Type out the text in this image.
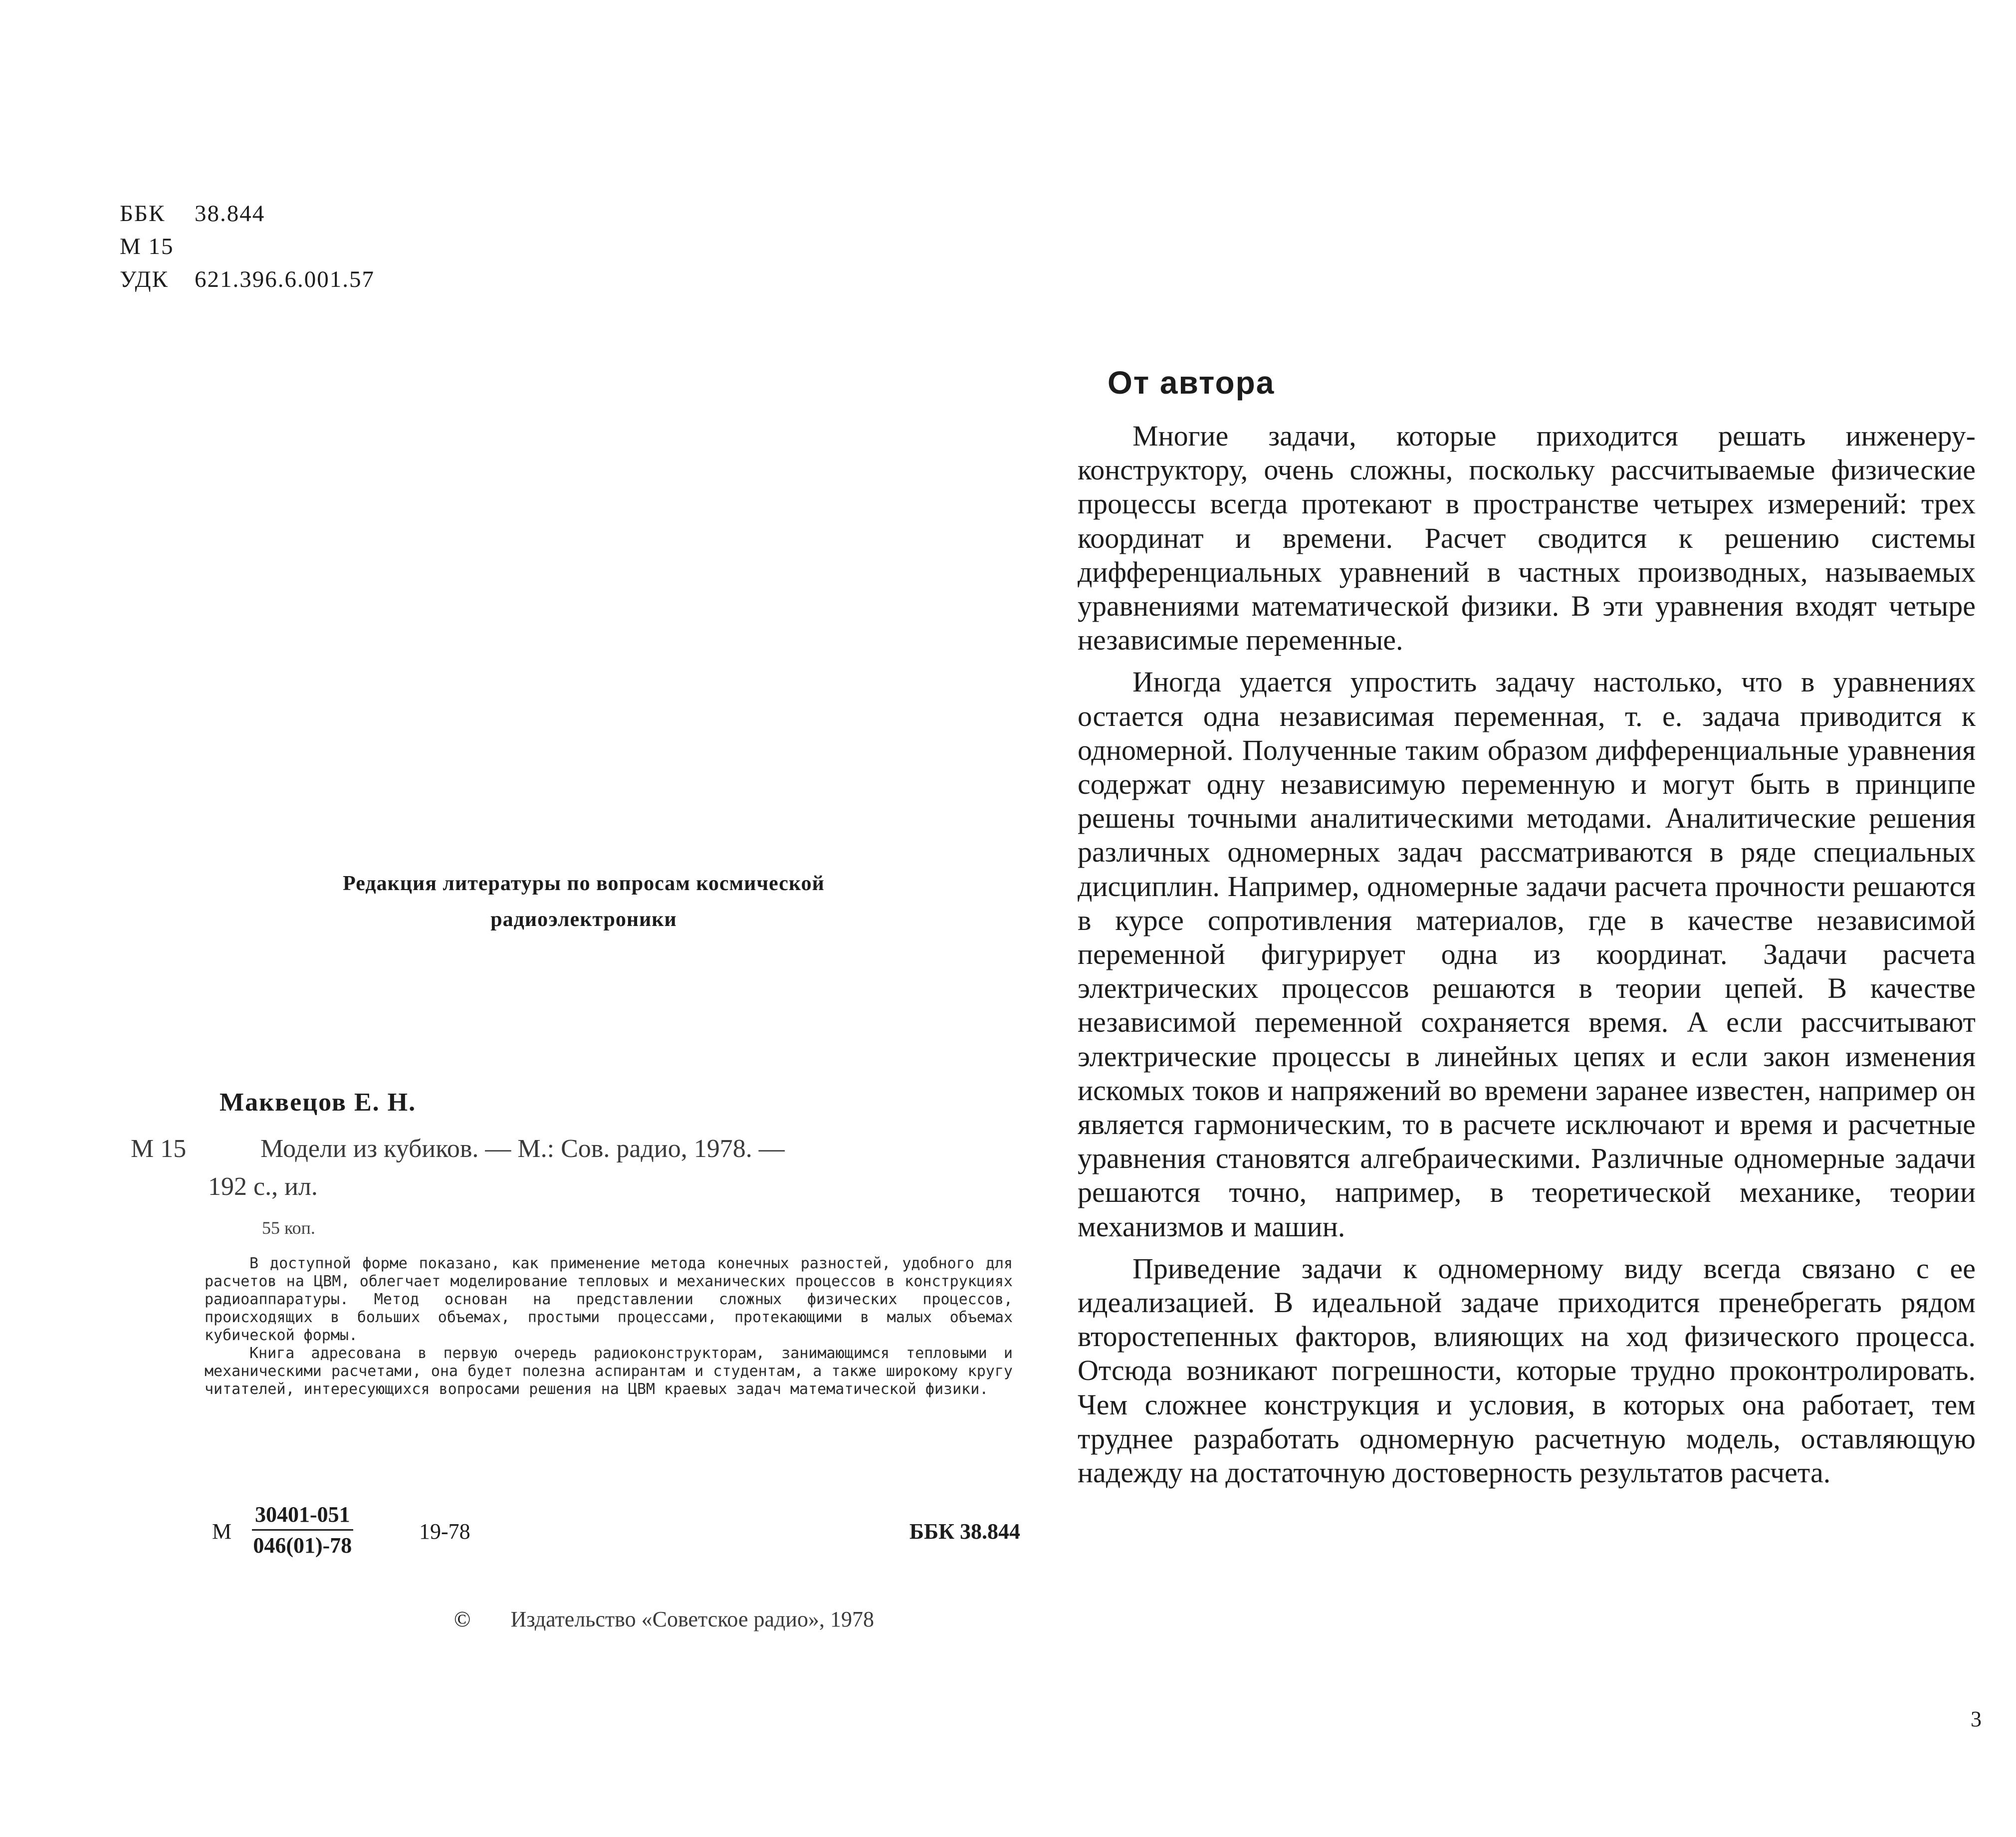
ББК 38.844
М 15
УДК 621.396.6.001.57
Редакция литературы по вопросам космической
радиоэлектроники
Маквецов Е. Н.
М 15	Модели из кубиков. — М.: Сов. радио, 1978. —
192 с., ил.
55 коп.

В доступной форме показано, как применение метода конечных разностей, удобного для расчетов на ЦВМ, облегчает моделирование тепловых и механических процессов в конструкциях радиоаппаратуры. Метод основан на представлении сложных физических процессов, происходящих в больших объемах, простыми процессами, протекающими в малых объемах кубической формы.

Книга адресована в первую очередь радиоконструкторам, занимающимся тепловыми и механическими расчетами, она будет полезна аспирантам и студентам, а также широкому кругу читателей, интересующихся вопросами решения на ЦВМ краевых задач математической физики.

М $\frac{30401-051}{046(01)-78}$	19-78	ББК 38.844
© Издательство «Советское радио», 1978
От автора

Многие задачи, которые приходится решать инженеру-конструктору, очень сложны, поскольку рассчитываемые физические процессы всегда протекают в пространстве четырех измерений: трех координат и времени. Расчет сводится к решению системы дифференциальных уравнений в частных производных, называемых уравнениями математической физики. В эти уравнения входят четыре независимые переменные.

Иногда удается упростить задачу настолько, что в уравнениях остается одна независимая переменная, т. е. задача приводится к одномерной. Полученные таким образом дифференциальные уравнения содержат одну независимую переменную и могут быть в принципе решены точными аналитическими методами. Аналитические решения различных одномерных задач рассматриваются в ряде специальных дисциплин. Например, одномерные задачи расчета прочности решаются в курсе сопротивления материалов, где в качестве независимой переменной фигурирует одна из координат. Задачи расчета электрических процессов решаются в теории цепей. В качестве независимой переменной сохраняется время. А если рассчитывают электрические процессы в линейных цепях и если закон изменения искомых токов и напряжений во времени заранее известен, например он является гармоническим, то в расчете исключают и время и расчетные уравнения становятся алгебраическими. Различные одномерные задачи решаются точно, например, в теоретической механике, теории механизмов и машин.

Приведение задачи к одномерному виду всегда связано с ее идеализацией. В идеальной задаче приходится пренебрегать рядом второстепенных факторов, влияющих на ход физического процесса. Отсюда возникают погрешности, которые трудно проконтролировать. Чем сложнее конструкция и условия, в которых она работает, тем труднее разработать одномерную расчетную модель, оставляющую надежду на достаточную достоверность результатов расчета.

3
